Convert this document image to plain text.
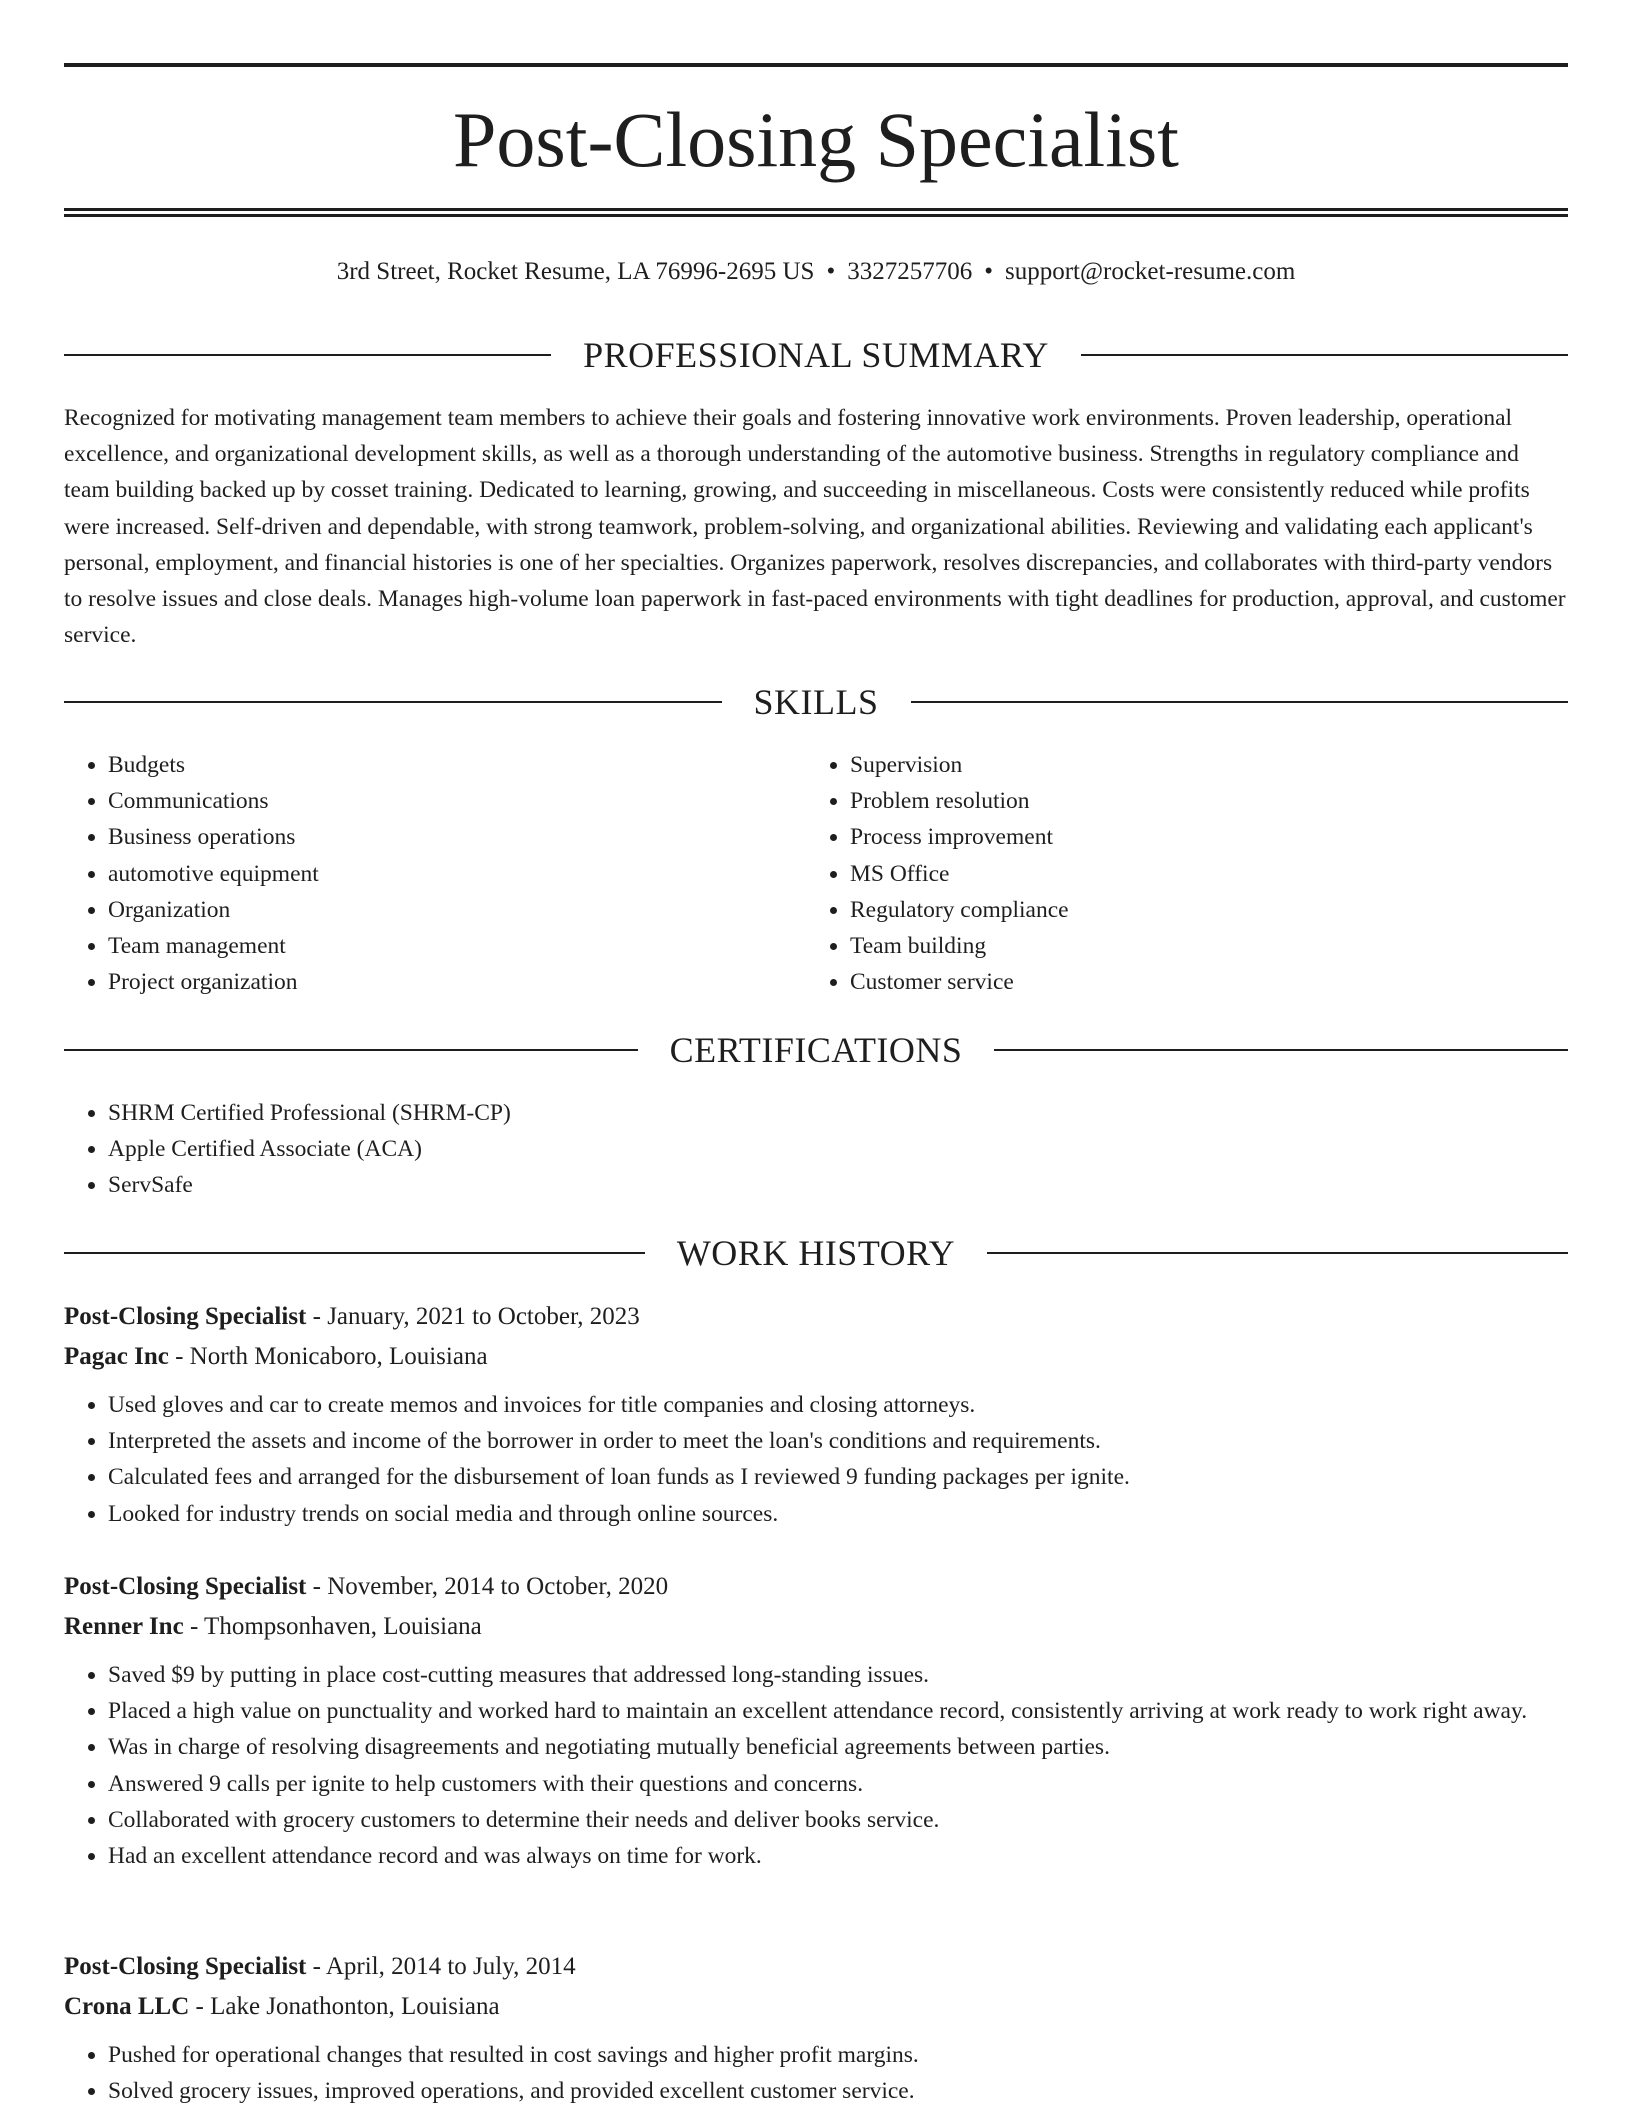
Post-Closing Specialist
3rd Street, Rocket Resume, LA 76996-2695 US • 3327257706 • support@rocket-resume.com
PROFESSIONAL SUMMARY

Recognized for motivating management team members to achieve their goals and fostering innovative work environments. Proven leadership, operational excellence, and organizational development skills, as well as a thorough understanding of the automotive business. Strengths in regulatory compliance and team building backed up by cosset training. Dedicated to learning, growing, and succeeding in miscellaneous. Costs were consistently reduced while profits were increased. Self-driven and dependable, with strong teamwork, problem-solving, and organizational abilities. Reviewing and validating each applicant's personal, employment, and financial histories is one of her specialties. Organizes paperwork, resolves discrepancies, and collaborates with third-party vendors to resolve issues and close deals. Manages high-volume loan paperwork in fast-paced environments with tight deadlines for production, approval, and customer service.

SKILLS
• Budgets
• Communications
• Business operations
• automotive equipment
• Organization
• Team management
• Project organization
• Supervision
• Problem resolution
• Process improvement
• MS Office
• Regulatory compliance
• Team building
• Customer service
CERTIFICATIONS
• SHRM Certified Professional (SHRM-CP)
• Apple Certified Associate (ACA)
• ServSafe
WORK HISTORY
Post-Closing Specialist - January, 2021 to October, 2023
Pagac Inc - North Monicaboro, Louisiana
• Used gloves and car to create memos and invoices for title companies and closing attorneys.
• Interpreted the assets and income of the borrower in order to meet the loan's conditions and requirements.
• Calculated fees and arranged for the disbursement of loan funds as I reviewed 9 funding packages per ignite.
• Looked for industry trends on social media and through online sources.
Post-Closing Specialist - November, 2014 to October, 2020
Renner Inc - Thompsonhaven, Louisiana
• Saved $9 by putting in place cost-cutting measures that addressed long-standing issues.
• Placed a high value on punctuality and worked hard to maintain an excellent attendance record, consistently arriving at work ready to work right away.
• Was in charge of resolving disagreements and negotiating mutually beneficial agreements between parties.
• Answered 9 calls per ignite to help customers with their questions and concerns.
• Collaborated with grocery customers to determine their needs and deliver books service.
• Had an excellent attendance record and was always on time for work.
Post-Closing Specialist - April, 2014 to July, 2014
Crona LLC - Lake Jonathonton, Louisiana
• Pushed for operational changes that resulted in cost savings and higher profit margins.
• Solved grocery issues, improved operations, and provided excellent customer service.
